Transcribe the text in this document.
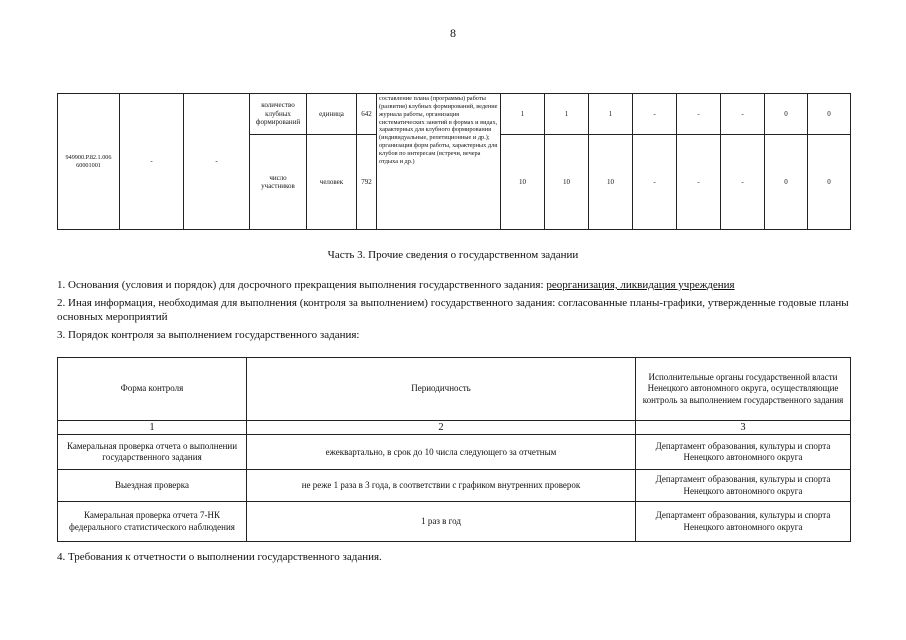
8
949900.Р.82.1.006 60001001	-	-	количество клубных формирований	единица	642	составление плана (программы) работы (развития) клубных формирований, ведение журнала работы, организация систематических занятий в формах и видах, характерных для клубного формирования (индивидуальные, репетиционные и др.); организация форм работы, характерных для клубов по интересам (встречи, вечера отдыха и др.)	1	1	1	-	-	-	0	0
			число участников	человек	792		10	10	10	-	-	-	0	0
Часть 3. Прочие сведения о государственном задании
1. Основания (условия и порядок) для досрочного прекращения выполнения государственного задания: реорганизация, ликвидация учреждения
2. Иная информация, необходимая для выполнения (контроля за выполнением) государственного задания: согласованные планы-графики, утвержденные годовые планы основных мероприятий
3. Порядок контроля за выполнением государственного задания:
Форма контроля	Периодичность	Исполнительные органы государственной власти Ненецкого автономного округа, осуществляющие контроль за выполнением государственного задания
1	2	3
Камеральная проверка отчета о выполнении государственного задания	ежеквартально, в срок до 10 числа следующего за отчетным	Департамент образования, культуры и спорта Ненецкого автономного округа
Выездная проверка	не реже 1 раза в 3 года, в соответствии с графиком внутренних проверок	Департамент образования, культуры и спорта Ненецкого автономного округа
Камеральная проверка отчета 7-НК федерального статистического наблюдения	1 раз в год	Департамент образования, культуры и спорта Ненецкого автономного округа
4. Требования к отчетности о выполнении государственного задания.
